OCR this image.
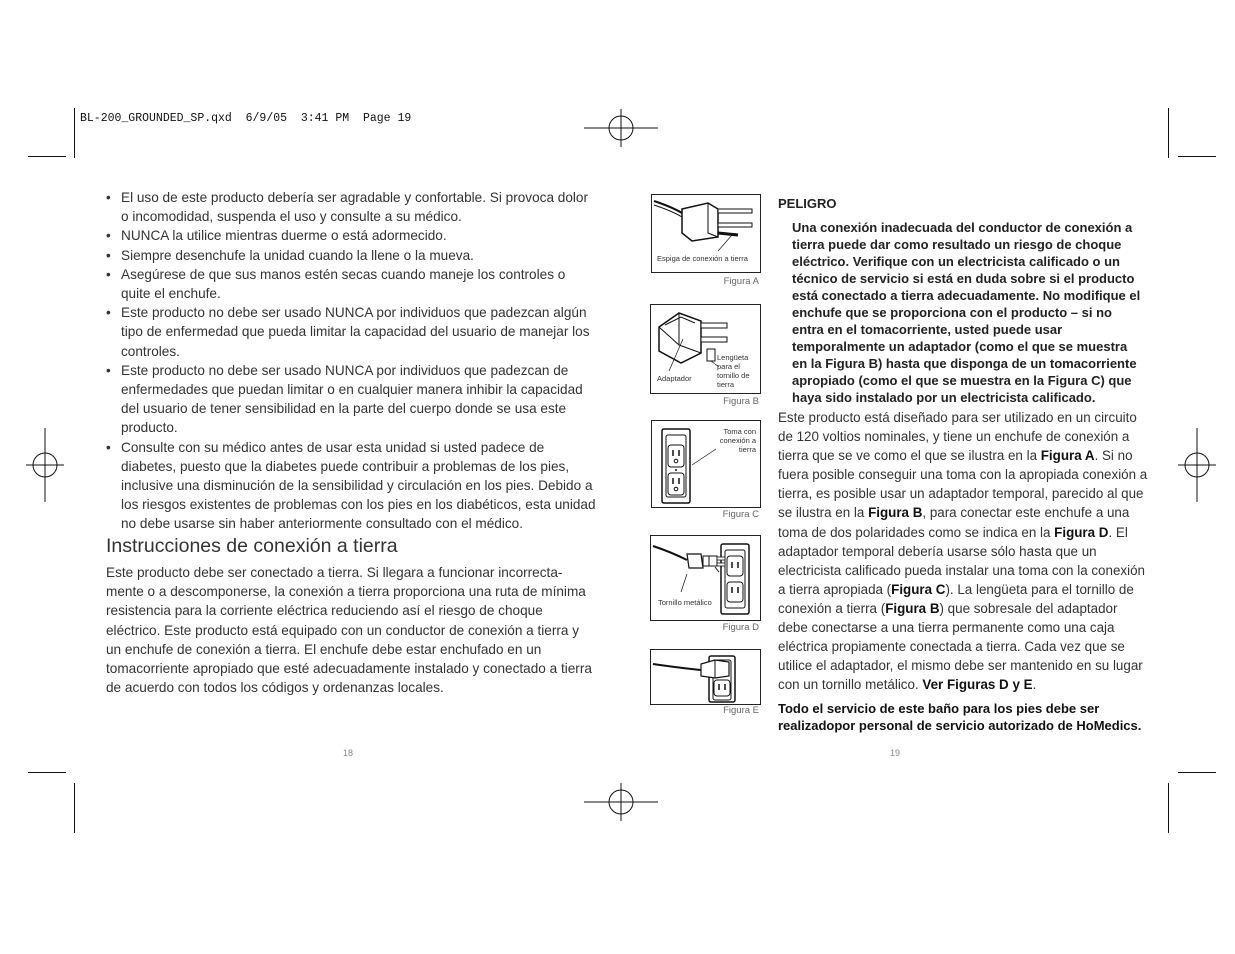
BL-200_GROUNDED_SP.qxd  6/9/05  3:41 PM  Page 19
• El uso de este producto debería ser agradable y confortable. Si provoca dolor o incomodidad, suspenda el uso y consulte a su médico.
• NUNCA la utilice mientras duerme o está adormecido.
• Siempre desenchufe la unidad cuando la llene o la mueva.
• Asegúrese de que sus manos estén secas cuando maneje los controles o quite el enchufe.
• Este producto no debe ser usado NUNCA por individuos que padezcan algún tipo de enfermedad que pueda limitar la capacidad del usuario de manejar los controles.
• Este producto no debe ser usado NUNCA por individuos que padezcan de enfermedades que puedan limitar o en cualquier manera inhibir la capacidad del usuario de tener sensibilidad en la parte del cuerpo donde se usa este producto.
• Consulte con su médico antes de usar esta unidad si usted padece de diabetes, puesto que la diabetes puede contribuir a problemas de los pies, inclusive una disminución de la sensibilidad y circulación en los pies. Debido a los riesgos existentes de problemas con los pies en los diabéticos, esta unidad no debe usarse sin haber anteriormente consultado con el médico.
Instrucciones de conexión a tierra
Este producto debe ser conectado a tierra. Si llegara a funcionar incorrecta-mente o a descomponerse, la conexión a tierra proporciona una ruta de mínima resistencia para la corriente eléctrica reduciendo así el riesgo de choque eléctrico. Este producto está equipado con un conductor de conexión a tierra y un enchufe de conexión a tierra. El enchufe debe estar enchufado en un tomacorriente apropiado que esté adecuadamente instalado y conectado a tierra de acuerdo con todos los códigos y ordenanzas locales.
18
Espiga de conexión a tierra
Figura A
Adaptador
Lengüeta para el tornillo de tierra
Figura B
Toma con conexión a tierra
Figura C
Tornillo metálico
Figura D
Figura E
PELIGRO
Una conexión inadecuada del conductor de conexión a tierra puede dar como resultado un riesgo de choque eléctrico. Verifique con un electricista calificado o un técnico de servicio si está en duda sobre si el producto está conectado a tierra adecuadamente. No modifique el enchufe que se proporciona con el producto – si no entra en el tomacorriente, usted puede usar temporalmente un adaptador (como el que se muestra en la Figura B) hasta que disponga de un tomacorriente apropiado (como el que se muestra en la Figura C) que haya sido instalado por un electricista calificado.
Este producto está diseñado para ser utilizado en un circuito de 120 voltios nominales, y tiene un enchufe de conexión a tierra que se ve como el que se ilustra en la Figura A. Si no fuera posible conseguir una toma con la apropiada conexión a tierra, es posible usar un adaptador temporal, parecido al que se ilustra en la Figura B, para conectar este enchufe a una toma de dos polaridades como se indica en la Figura D. El adaptador temporal debería usarse sólo hasta que un electricista calificado pueda instalar una toma con la conexión a tierra apropiada (Figura C). La lengüeta para el tornillo de conexión a tierra (Figura B) que sobresale del adaptador debe conectarse a una tierra permanente como una caja eléctrica propiamente conectada a tierra. Cada vez que se utilice el adaptador, el mismo debe ser mantenido en su lugar con un tornillo metálico. Ver Figuras D y E.
Todo el servicio de este baño para los pies debe ser realizadopor personal de servicio autorizado de HoMedics.
19
